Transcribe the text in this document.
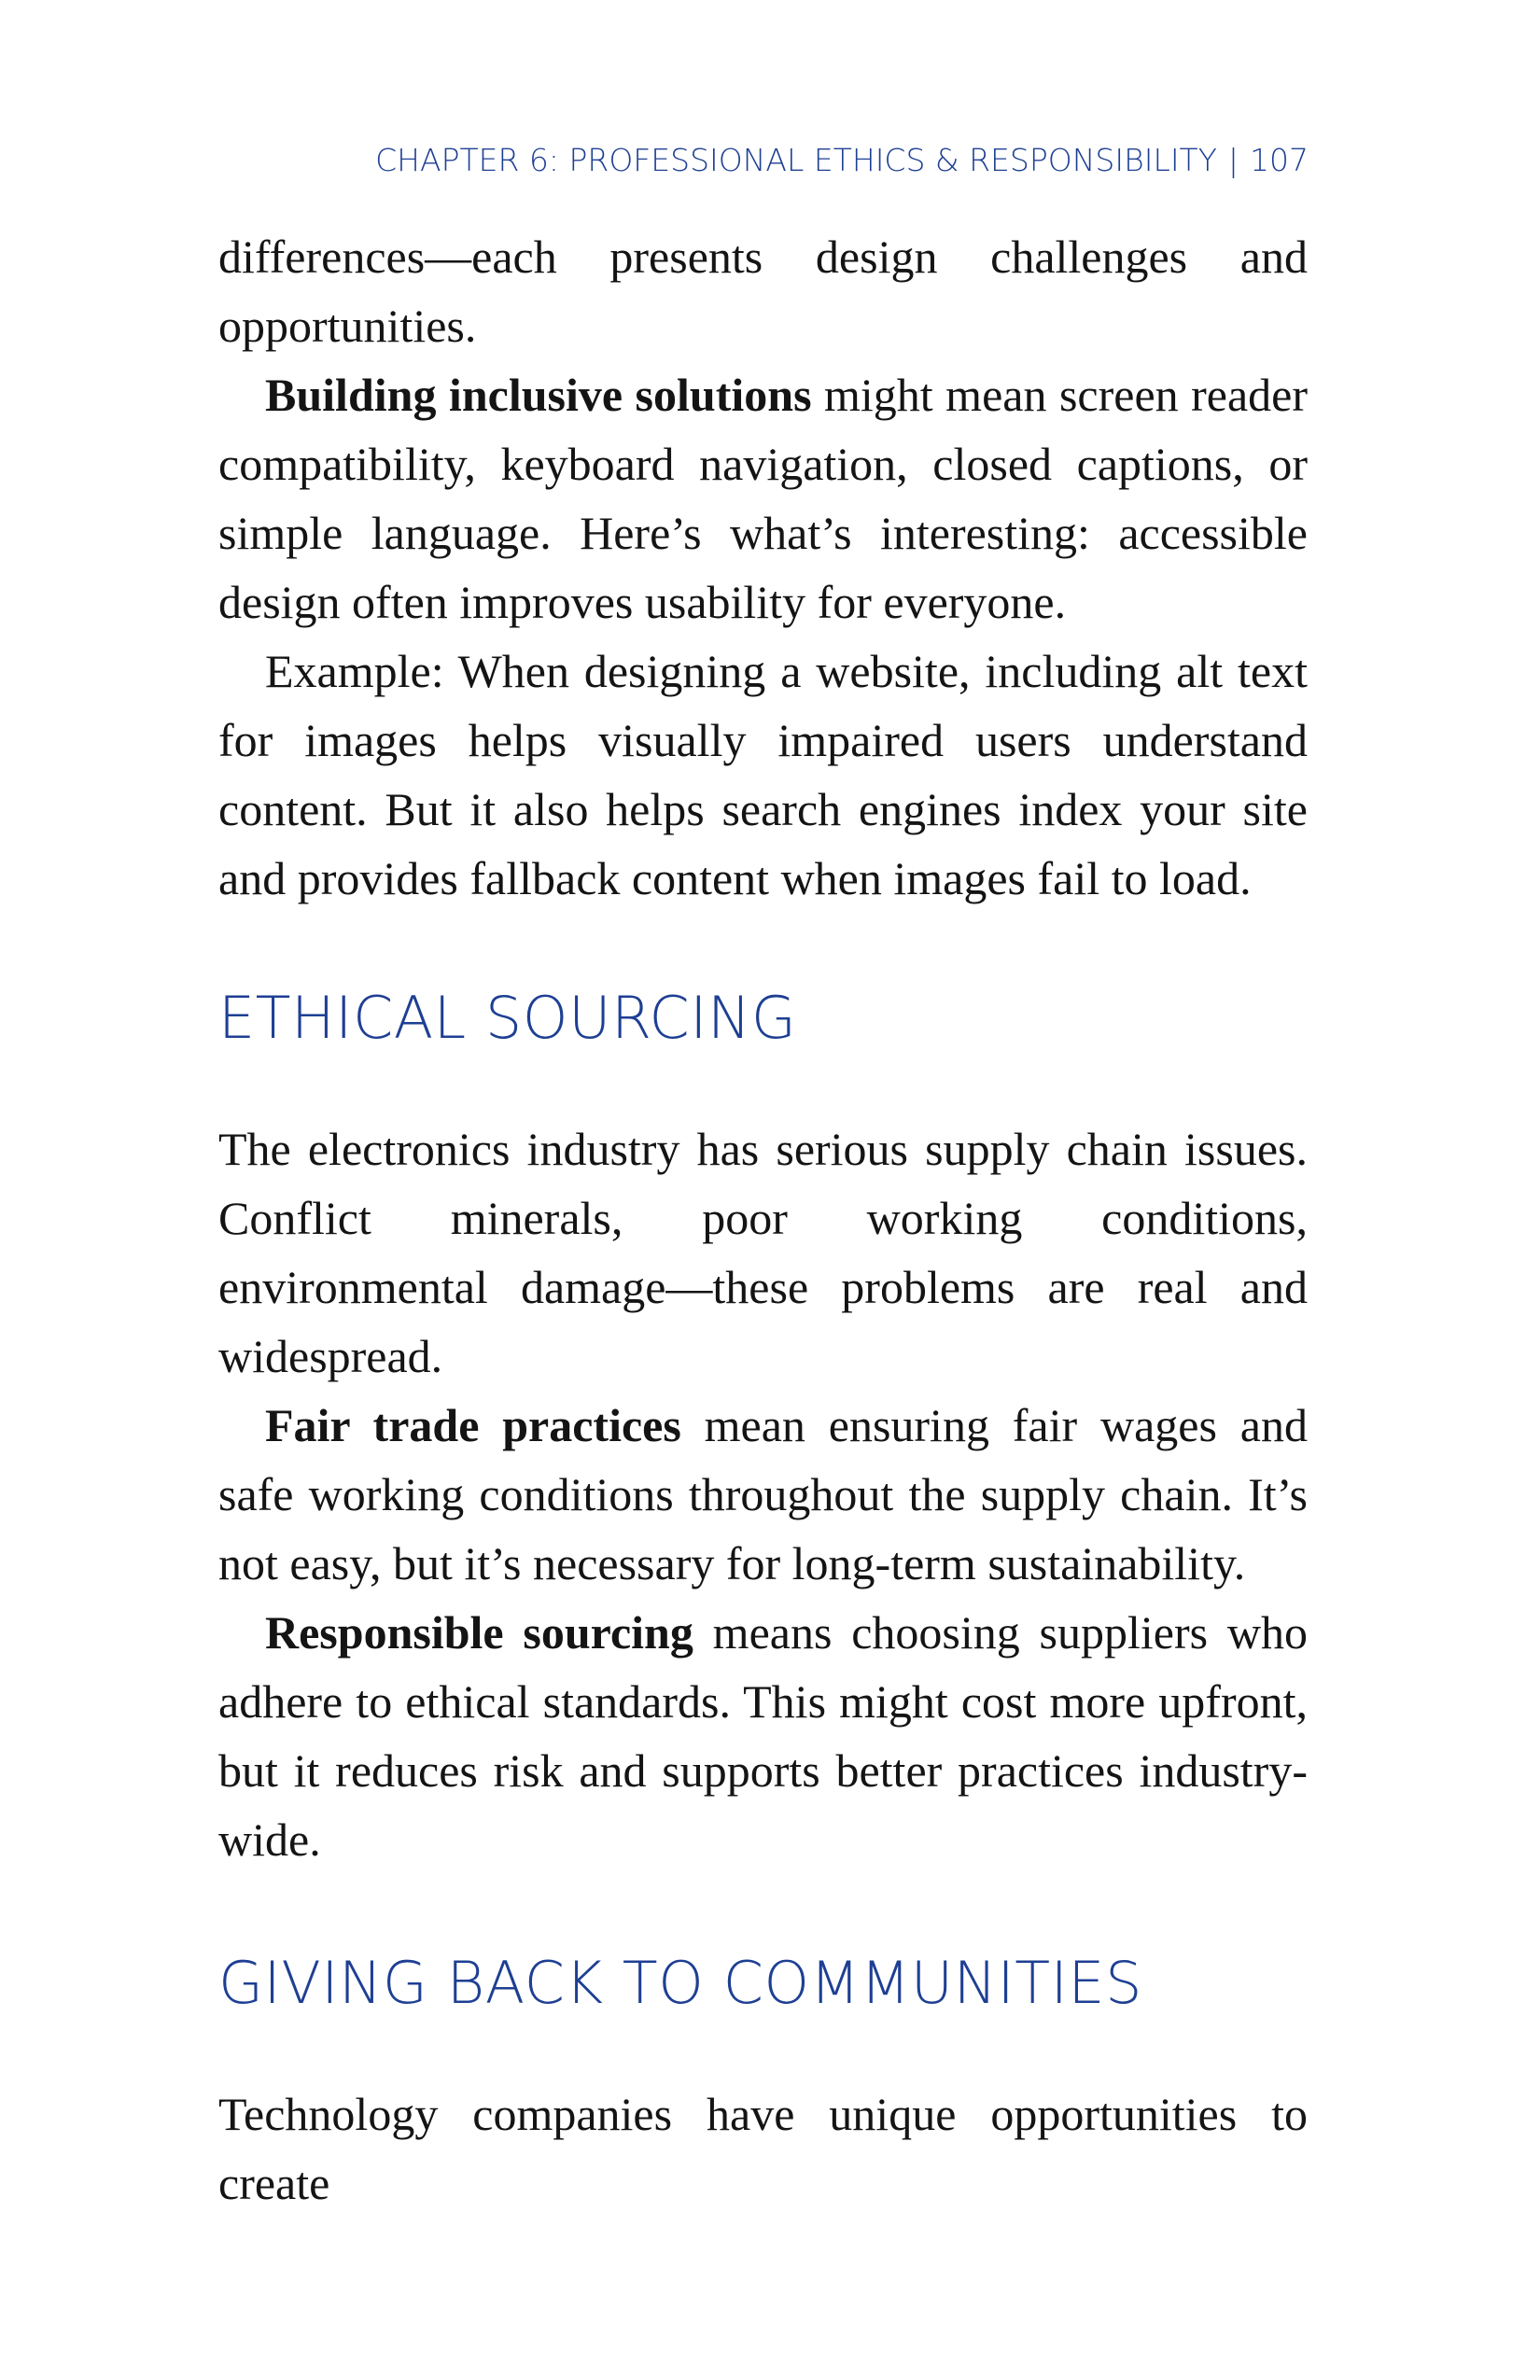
CHAPTER 6: PROFESSIONAL ETHICS & RESPONSIBILITY | 107

differences—each presents design challenges and opportunities.

Building inclusive solutions might mean screen reader compatibility, keyboard navigation, closed captions, or simple language. Here’s what’s interesting: accessible design often improves usability for everyone.

Example: When designing a website, including alt text for images helps visually impaired users understand content. But it also helps search engines index your site and provides fallback content when images fail to load.

ETHICAL SOURCING

The electronics industry has serious supply chain issues. Conflict minerals, poor working conditions, environmental damage—these problems are real and widespread.

Fair trade practices mean ensuring fair wages and safe working conditions throughout the supply chain. It’s not easy, but it’s necessary for long-term sustainability.

Responsible sourcing means choosing suppliers who adhere to ethical standards. This might cost more upfront, but it reduces risk and supports better practices industry-wide.

GIVING BACK TO COMMUNITIES

Technology companies have unique opportunities to create
